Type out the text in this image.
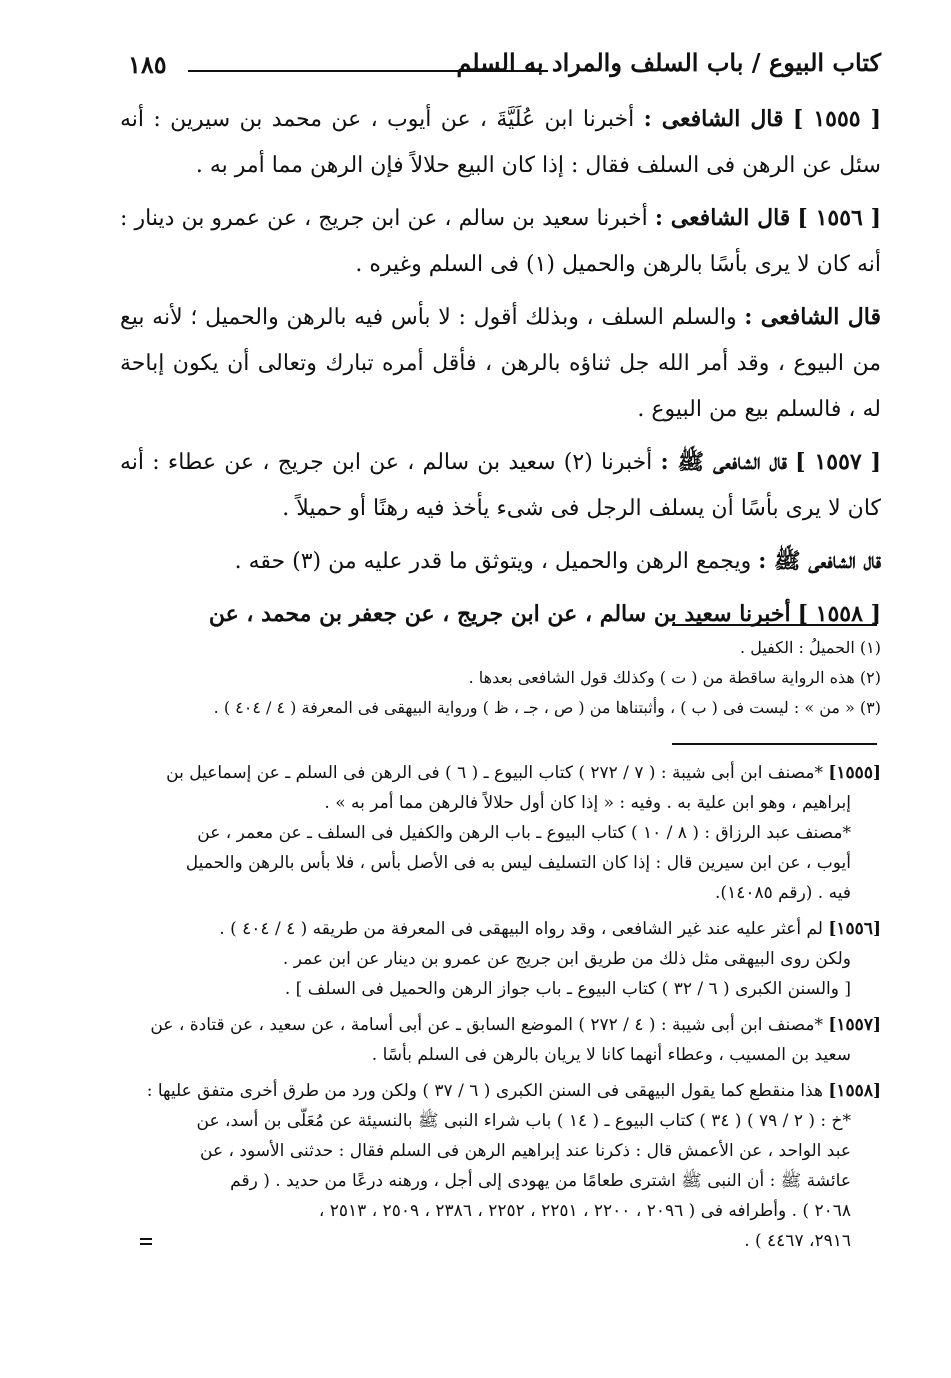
١٨٥	كتاب البيوع / باب السلف والمراد به السلم

[ ١٥٥٥ ] قال الشافعى : أخبرنا ابن عُلَيَّةَ ، عن أيوب ، عن محمد بن سيرين : أنه سئل عن الرهن فى السلف فقال : إذا كان البيع حلالاً فإن الرهن مما أمر به .

[ ١٥٥٦ ] قال الشافعى : أخبرنا سعيد بن سالم ، عن ابن جريج ، عن عمرو بن دينار : أنه كان لا يرى بأسًا بالرهن والحميل (١) فى السلم وغيره .

قال الشافعى : والسلم السلف ، وبذلك أقول : لا بأس فيه بالرهن والحميل ؛ لأنه بيع من البيوع ، وقد أمر الله جل ثناؤه بالرهن ، فأقل أمره تبارك وتعالى أن يكون إباحة له ، فالسلم بيع من البيوع .

[ ١٥٥٧ ] قال الشافعى ﷺ : أخبرنا (٢) سعيد بن سالم ، عن ابن جريج ، عن عطاء : أنه كان لا يرى بأسًا أن يسلف الرجل فى شىء يأخذ فيه رهنًا أو حميلاً .

قال الشافعى ﷺ : ويجمع الرهن والحميل ، ويتوثق ما قدر عليه من (٣) حقه .

[ ١٥٥٨ ] أخبرنا سعيد بن سالم ، عن ابن جريج ، عن جعفر بن محمد ، عن

(١) الحميلُ : الكفيل .

(٢) هذه الرواية ساقطة من ( ت ) وكذلك قول الشافعى بعدها .

(٣) « من » : ليست فى ( ب ) ، وأثبتناها من ( ص ، جـ ، ظ ) ورواية البيهقى فى المعرفة ( ٤ / ٤٠٤ ) .

[١٥٥٥] *مصنف ابن أبى شيبة : ( ٧ / ٢٧٢ ) كتاب البيوع ـ ( ٦ ) فى الرهن فى السلم ـ عن إسماعيل بن
إبراهيم ، وهو ابن علية به . وفيه : « إذا كان أول حلالاً فالرهن مما أمر به » .
*مصنف عبد الرزاق : ( ٨ / ١٠ ) كتاب البيوع ـ باب الرهن والكفيل فى السلف ـ عن معمر ، عن
أيوب ، عن ابن سيرين قال : إذا كان التسليف ليس به فى الأصل بأس ، فلا بأس بالرهن والحميل
فيه . (رقم ١٤٠٨٥).
[١٥٥٦] لم أعثر عليه عند غير الشافعى ، وقد رواه البيهقى فى المعرفة من طريقه ( ٤ / ٤٠٤ ) .
ولكن روى البيهقى مثل ذلك من طريق ابن جريج عن عمرو بن دينار عن ابن عمر .
[ والسنن الكبرى ( ٦ / ٣٢ ) كتاب البيوع ـ باب جواز الرهن والحميل فى السلف ] .
[١٥٥٧] *مصنف ابن أبى شيبة : ( ٤ / ٢٧٢ ) الموضع السابق ـ عن أبى أسامة ، عن سعيد ، عن قتادة ، عن
سعيد بن المسيب ، وعطاء أنهما كانا لا يريان بالرهن فى السلم بأسًا .
[١٥٥٨] هذا منقطع كما يقول البيهقى فى السنن الكبرى ( ٦ / ٣٧ ) ولكن ورد من طرق أخرى متفق عليها :
*خ : ( ٢ / ٧٩ ) ( ٣٤ ) كتاب البيوع ـ ( ١٤ ) باب شراء النبى ﷺ بالنسيئة عن مُعَلّى بن أسد، عن
عبد الواحد ، عن الأعمش قال : ذكرنا عند إبراهيم الرهن فى السلم فقال : حدثنى الأسود ، عن
عائشة ﷺ : أن النبى ﷺ اشترى طعامًا من يهودى إلى أجل ، ورهنه درعًا من حديد . ( رقم
٢٠٦٨ ) . وأطرافه فى ( ٢٠٩٦ ، ٢٢٠٠ ، ٢٢٥١ ، ٢٢٥٢ ، ٢٣٨٦ ، ٢٥٠٩ ، ٢٥١٣ ،
٢٩١٦، ٤٤٦٧ ) .
